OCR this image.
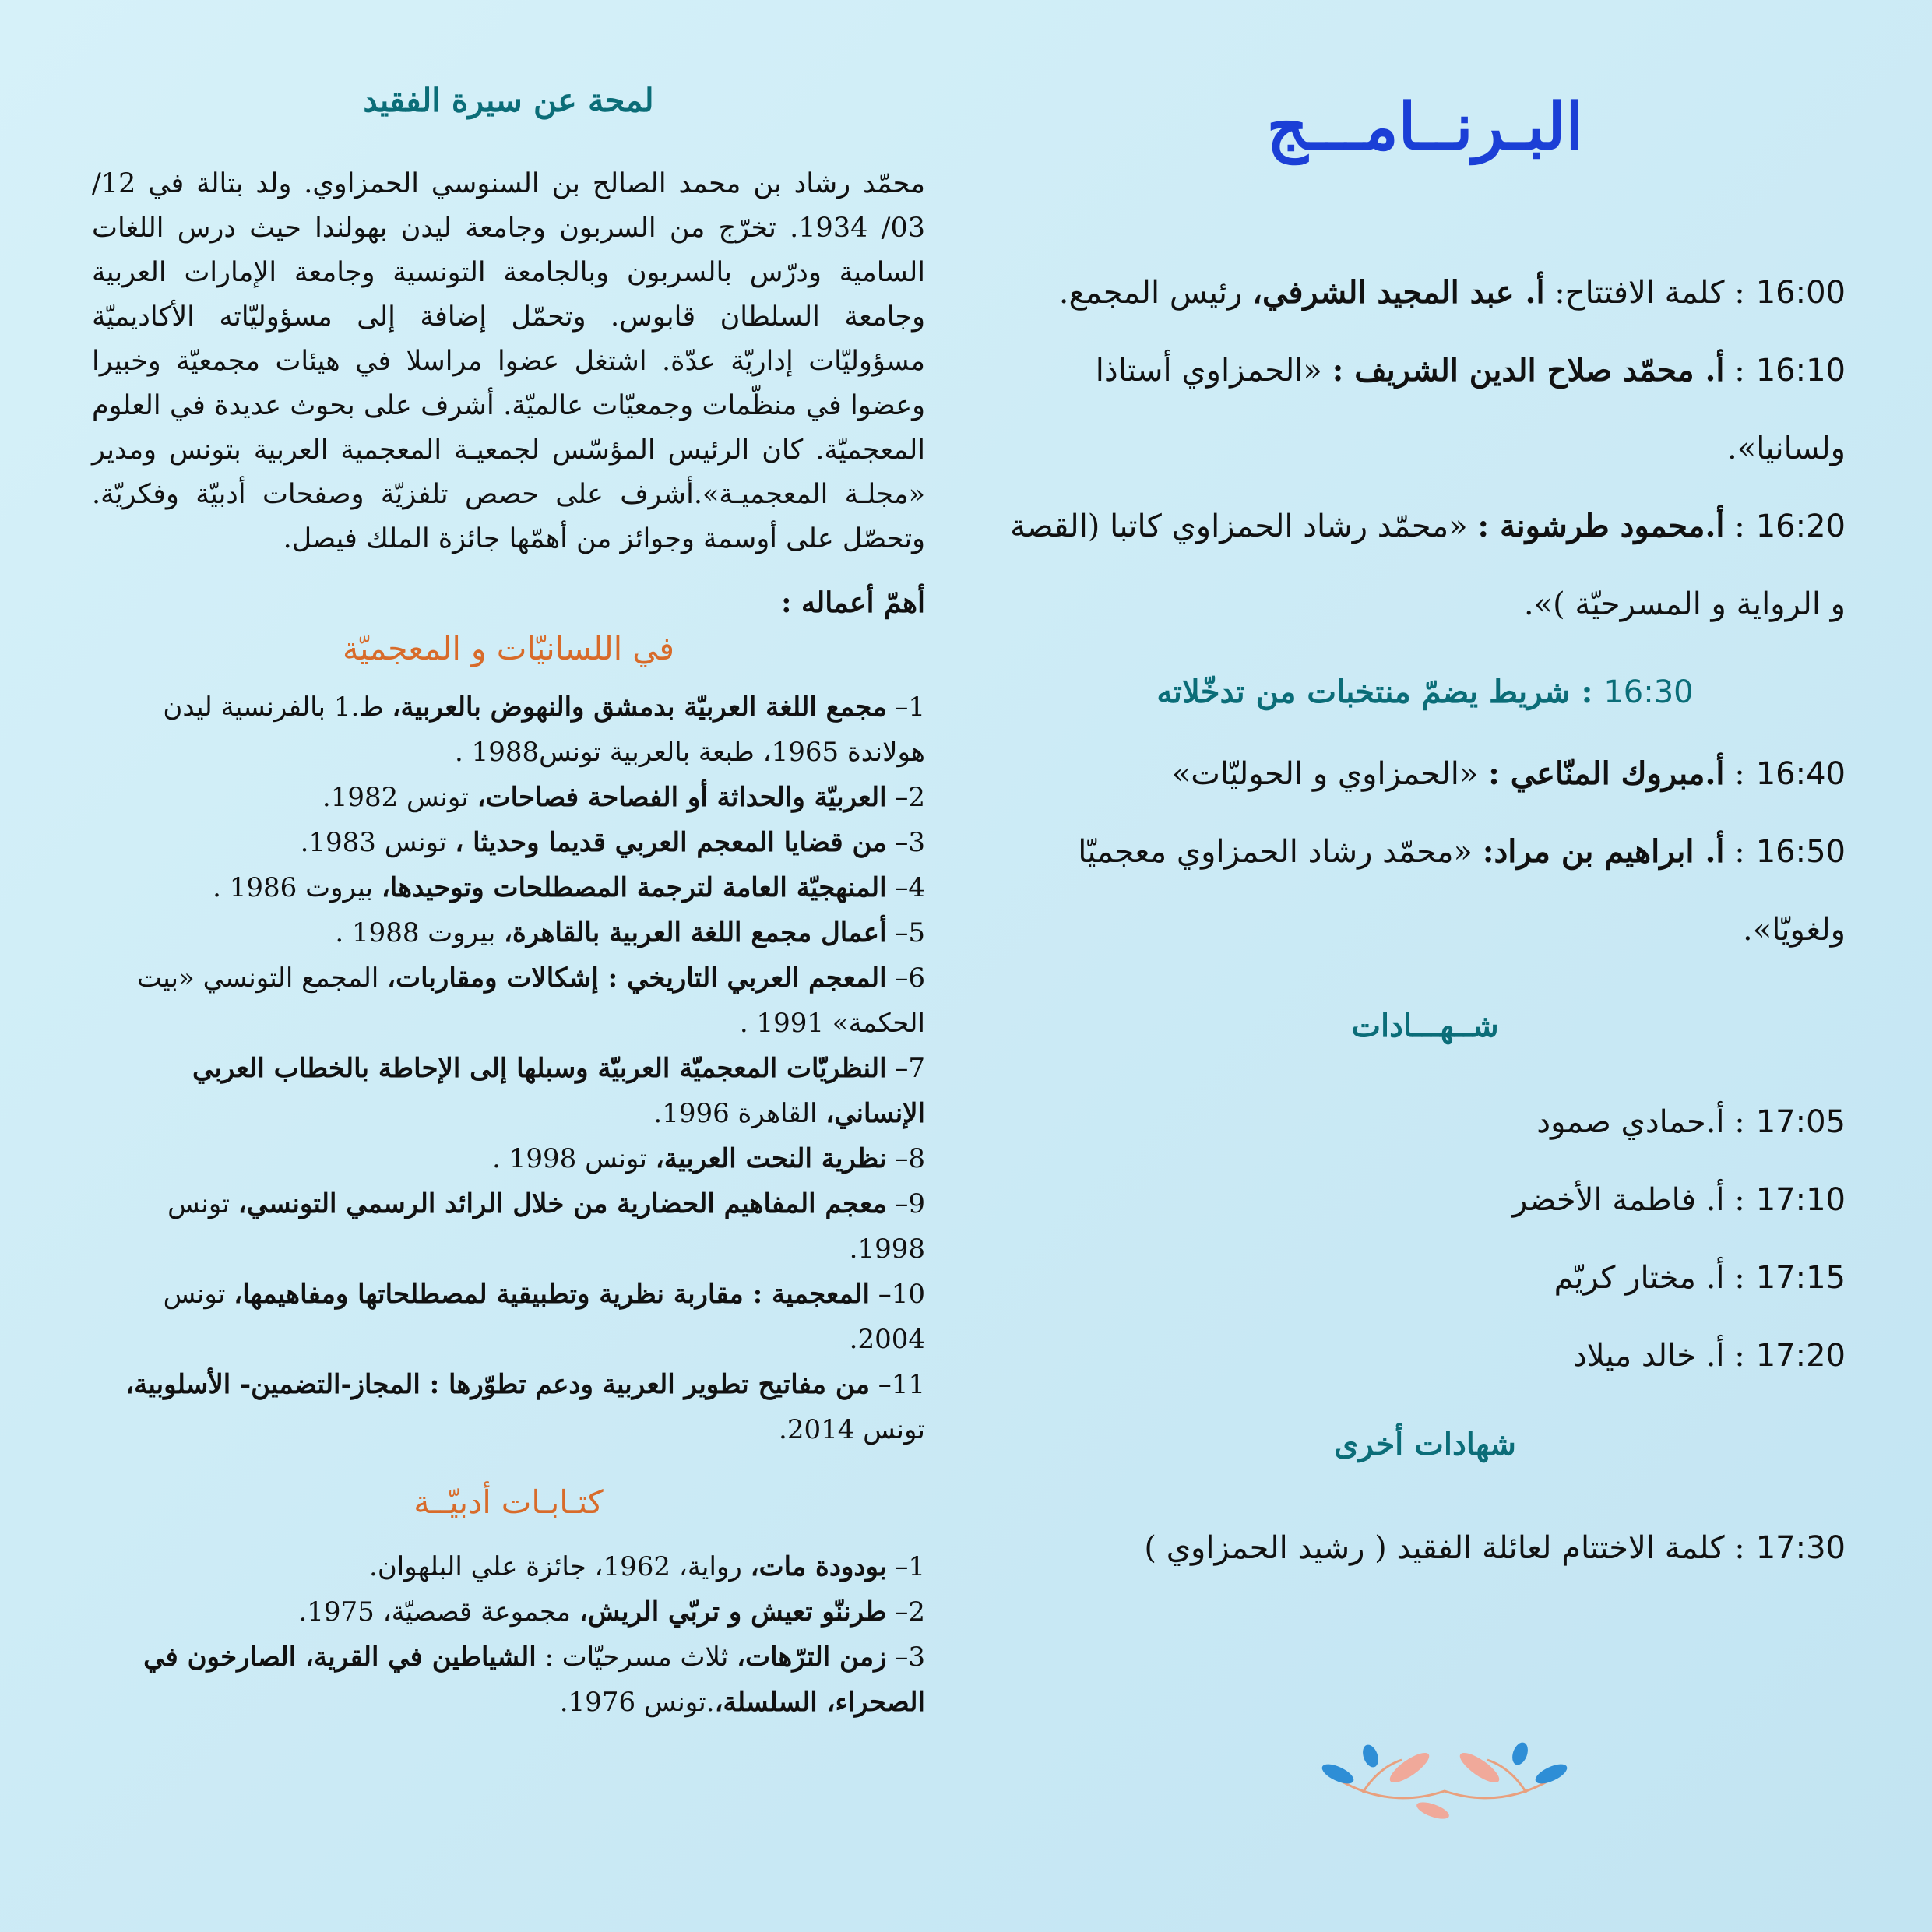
لمحة عن سيرة الفقيد

محمّد رشاد بن محمد الصالح بن السنوسي الحمزاوي. ولد بتالة في 12/ 03/ 1934. تخرّج من السربون وجامعة ليدن بهولندا حيث درس اللغات السامية ودرّس بالسربون وبالجامعة التونسية وجامعة الإمارات العربية وجامعة السلطان قابوس. وتحمّل إضافة إلى مسؤوليّاته الأكاديميّة مسؤوليّات إداريّة عدّة. اشتغل عضوا مراسلا في هيئات مجمعيّة وخبيرا وعضوا في منظّمات وجمعيّات عالميّة. أشرف على بحوث عديدة في العلوم المعجميّة. كان الرئيس المؤسّس لجمعيـة المعجمية العربية بتونس ومدير «مجلـة المعجميـة».أشرف على حصص تلفزيّة وصفحات أدبيّة وفكريّة. وتحصّل على أوسمة وجوائز من أهمّها جائزة الملك فيصل.

أهمّ أعماله :
في اللسانيّات و المعجميّة
1– مجمع اللغة العربيّة بدمشق والنهوض بالعربية، ط.1 بالفرنسية ليدن هولاندة 1965، طبعة بالعربية تونس1988 .
2– العربيّة والحداثة أو الفصاحة فصاحات، تونس 1982.
3– من قضايا المعجم العربي قديما وحديثا ، تونس 1983.
4– المنهجيّة العامة لترجمة المصطلحات وتوحيدها، بيروت 1986 .
5– أعمال مجمع اللغة العربية بالقاهرة، بيروت 1988 .
6– المعجم العربي التاريخي : إشكالات ومقاربات، المجمع التونسي «بيت الحكمة» 1991 .
7– النظريّات المعجميّة العربيّة وسبلها إلى الإحاطة بالخطاب العربي الإنساني، القاهرة 1996.
8– نظرية النحت العربية، تونس 1998 .
9– معجم المفاهيم الحضارية من خلال الرائد الرسمي التونسي، تونس 1998.
10– المعجمية : مقاربة نظرية وتطبيقية لمصطلحاتها ومفاهيمها، تونس 2004.
11– من مفاتيح تطوير العربية ودعم تطوّرها : المجاز-التضمين- الأسلوبية، تونس 2014.
كتـابـات أدبيّــة
1– بودودة مات، رواية، 1962، جائزة علي البلهوان.
2– طرننّو تعيش و تربّي الريش، مجموعة قصصيّة، 1975.
3– زمن الترّهات، ثلاث مسرحيّات : الشياطين في القرية، الصارخون في الصحراء، السلسلة،.تونس 1976.
البـرنــامـــج
16:00: كلمة الافتتاح: أ. عبد المجيد الشرفي، رئيس المجمع.
16:10: أ. محمّد صلاح الدين الشريف : «الحمزاوي أستاذا ولسانيا».
16:20: أ.محمود طرشونة : «محمّد رشاد الحمزاوي كاتبا (القصة و الرواية و المسرحيّة )».
16:30: شريط يضمّ منتخبات من تدخّلاته
16:40: أ.مبروك المنّاعي : «الحمزاوي و الحوليّات»
16:50: أ. ابراهيم بن مراد: «محمّد رشاد الحمزاوي معجميّا ولغويّا».
شــهـــادات
17:05: أ.حمادي صمود
17:10: أ. فاطمة الأخضر
17:15: أ. مختار كريّم
17:20: أ. خالد ميلاد
شهادات أخرى
17:30: كلمة الاختتام لعائلة الفقيد ( رشيد الحمزاوي )
